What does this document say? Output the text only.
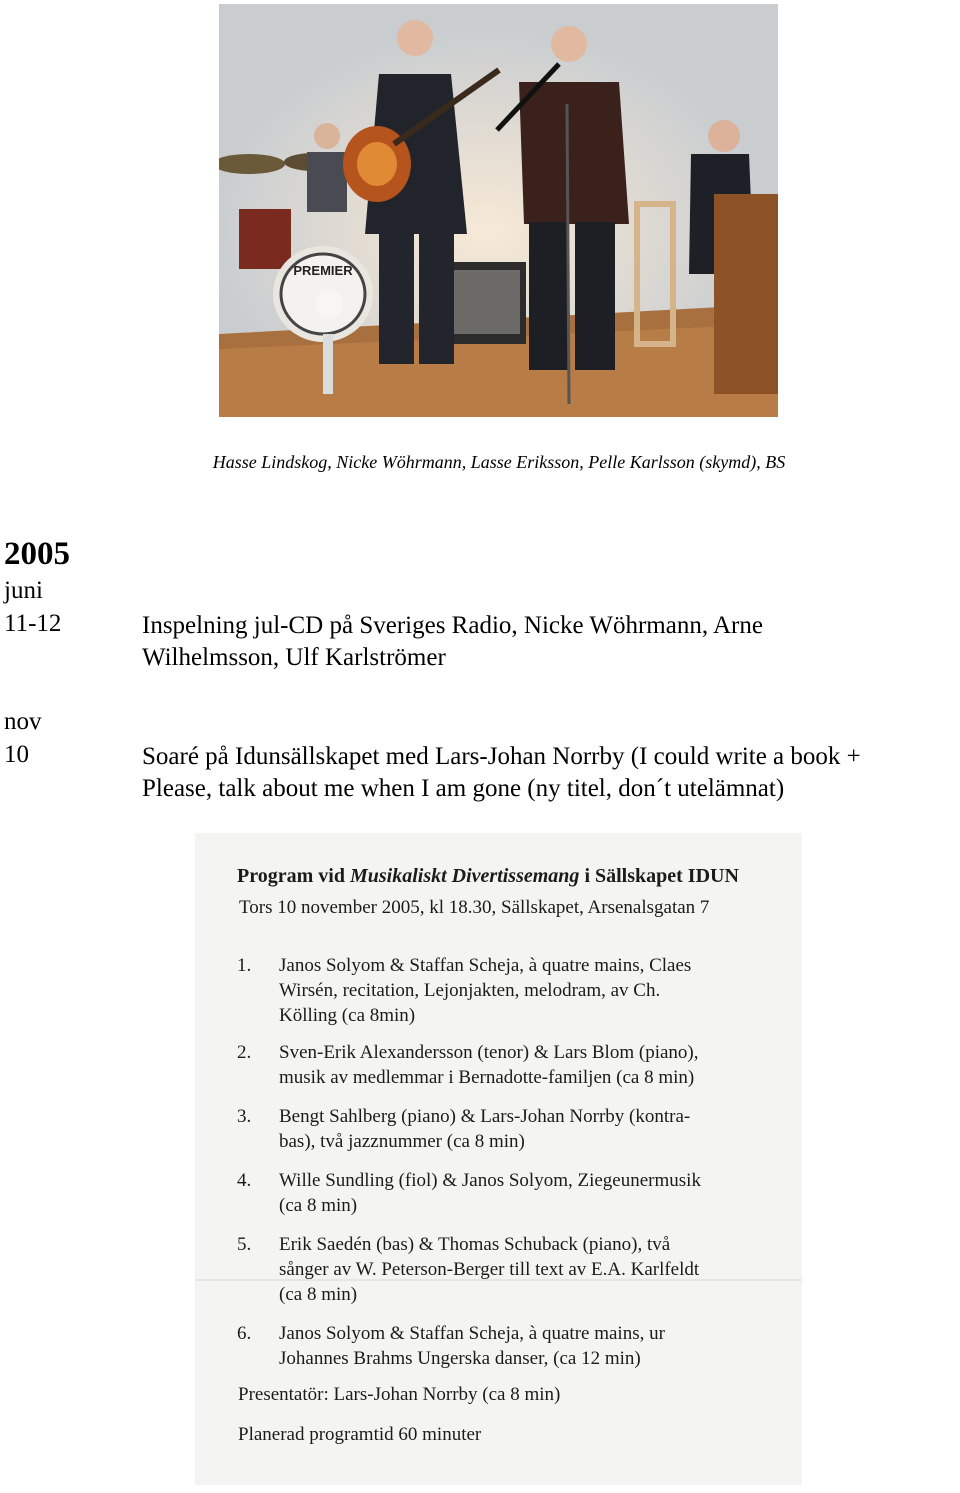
PREMIER
Hasse Lindskog, Nicke Wöhrmann, Lasse Eriksson, Pelle Karlsson (skymd), BS
2005
juni
11-12	Inspelning jul-CD på Sveriges Radio, Nicke Wöhrmann, Arne
Wilhelmsson, Ulf Karlströmer
nov
10	Soaré på Idunsällskapet med Lars-Johan Norrby (I could write a book +
Please, talk about me when I am gone (ny titel, don´t utelämnat)
Program vid Musikaliskt Divertissemang i Sällskapet IDUN
Tors 10 november 2005, kl 18.30, Sällskapet, Arsenalsgatan 7
1.	Janos Solyom & Staffan Scheja, à quatre mains, Claes
Wirsén, recitation, Lejonjakten, melodram, av Ch.
Kölling (ca 8min)
2.	Sven-Erik Alexandersson (tenor) & Lars Blom (piano),
musik av medlemmar i Bernadotte-familjen (ca 8 min)
3.	Bengt Sahlberg (piano) & Lars-Johan Norrby (kontra-
bas), två jazznummer (ca 8 min)
4.	Wille Sundling (fiol) & Janos Solyom, Ziegeunermusik
(ca 8 min)
5.	Erik Saedén (bas) & Thomas Schuback (piano), två
sånger av W. Peterson-Berger till text av E.A. Karlfeldt
(ca 8 min)
6.	Janos Solyom & Staffan Scheja, à quatre mains, ur
Johannes Brahms Ungerska danser, (ca 12 min)
Presentatör: Lars-Johan Norrby (ca 8 min)
Planerad programtid 60 minuter
